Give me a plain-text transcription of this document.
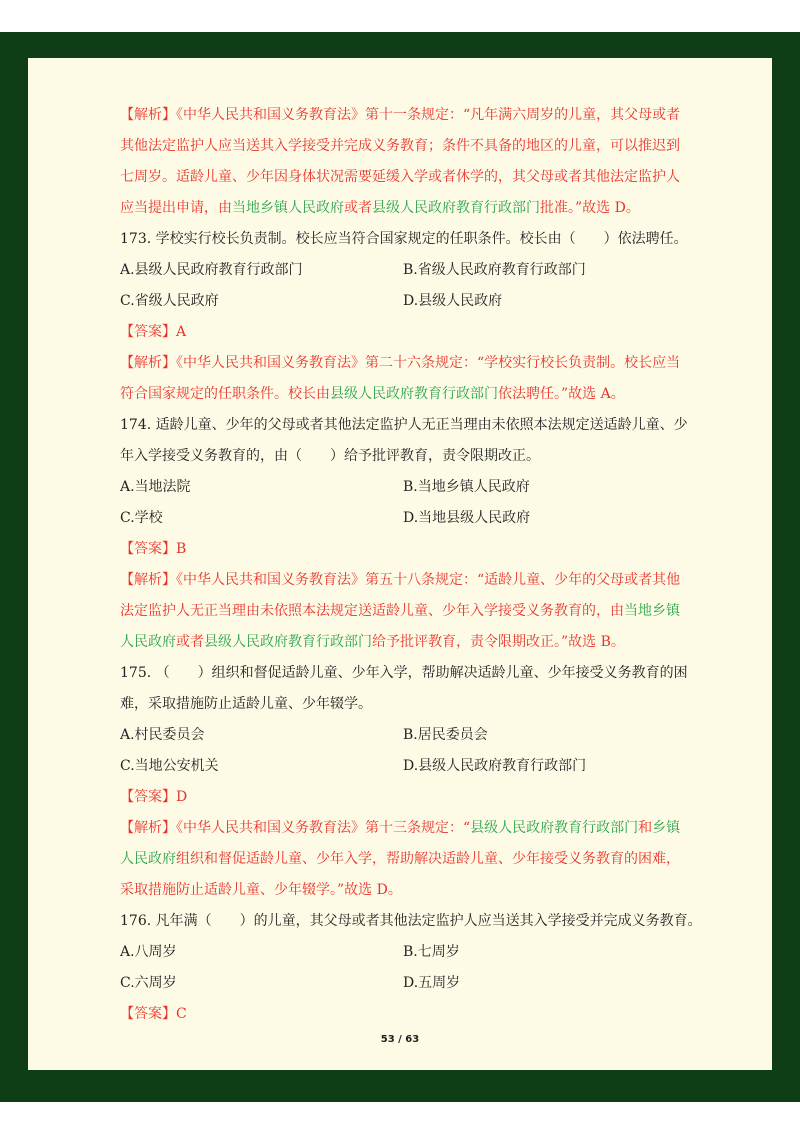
【解析】《中华人民共和国义务教育法》第十一条规定：“凡年满六周岁的儿童，其父母或者
其他法定监护人应当送其入学接受并完成义务教育；条件不具备的地区的儿童，可以推迟到
七周岁。适龄儿童、少年因身体状况需要延缓入学或者休学的，其父母或者其他法定监护人
应当提出申请，由当地乡镇人民政府或者县级人民政府教育行政部门批准。”故选 D。
173. 学校实行校长负责制。校长应当符合国家规定的任职条件。校长由（　　）依法聘任。
A.县级人民政府教育行政部门	B.省级人民政府教育行政部门
C.省级人民政府	D.县级人民政府
【答案】A
【解析】《中华人民共和国义务教育法》第二十六条规定：“学校实行校长负责制。校长应当
符合国家规定的任职条件。校长由县级人民政府教育行政部门依法聘任。”故选 A。
174. 适龄儿童、少年的父母或者其他法定监护人无正当理由未依照本法规定送适龄儿童、少
年入学接受义务教育的，由（　　）给予批评教育，责令限期改正。
A.当地法院	B.当地乡镇人民政府
C.学校	D.当地县级人民政府
【答案】B
【解析】《中华人民共和国义务教育法》第五十八条规定：“适龄儿童、少年的父母或者其他
法定监护人无正当理由未依照本法规定送适龄儿童、少年入学接受义务教育的，由当地乡镇
人民政府或者县级人民政府教育行政部门给予批评教育，责令限期改正。”故选 B。
175. （　　）组织和督促适龄儿童、少年入学，帮助解决适龄儿童、少年接受义务教育的困
难，采取措施防止适龄儿童、少年辍学。
A.村民委员会	B.居民委员会
C.当地公安机关	D.县级人民政府教育行政部门
【答案】D
【解析】《中华人民共和国义务教育法》第十三条规定：“县级人民政府教育行政部门和乡镇
人民政府组织和督促适龄儿童、少年入学，帮助解决适龄儿童、少年接受义务教育的困难，
采取措施防止适龄儿童、少年辍学。”故选 D。
176. 凡年满（　　）的儿童，其父母或者其他法定监护人应当送其入学接受并完成义务教育。
A.八周岁	B.七周岁
C.六周岁	D.五周岁
【答案】C
53 / 63
